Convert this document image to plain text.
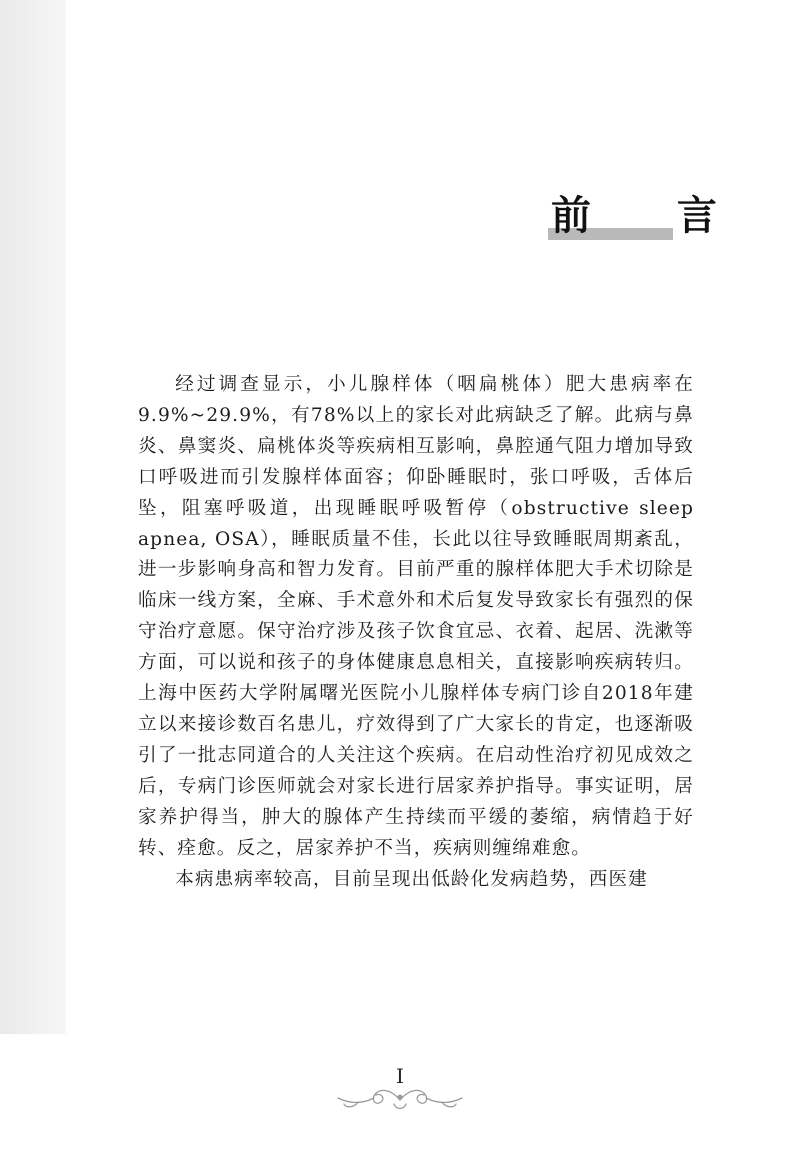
前 言

经过调查显示，小儿腺样体（咽扁桃体）肥大患病率在9.9%~29.9%，有78%以上的家长对此病缺乏了解。此病与鼻炎、鼻窦炎、扁桃体炎等疾病相互影响，鼻腔通气阻力增加导致口呼吸进而引发腺样体面容；仰卧睡眠时，张口呼吸，舌体后坠，阻塞呼吸道，出现睡眠呼吸暂停（obstructive sleep apnea, OSA），睡眠质量不佳，长此以往导致睡眠周期紊乱，进一步影响身高和智力发育。目前严重的腺样体肥大手术切除是临床一线方案，全麻、手术意外和术后复发导致家长有强烈的保守治疗意愿。保守治疗涉及孩子饮食宜忌、衣着、起居、洗漱等方面，可以说和孩子的身体健康息息相关，直接影响疾病转归。上海中医药大学附属曙光医院小儿腺样体专病门诊自2018年建立以来接诊数百名患儿，疗效得到了广大家长的肯定，也逐渐吸引了一批志同道合的人关注这个疾病。在启动性治疗初见成效之后，专病门诊医师就会对家长进行居家养护指导。事实证明，居家养护得当，肿大的腺体产生持续而平缓的萎缩，病情趋于好转、痊愈。反之，居家养护不当，疾病则缠绵难愈。

本病患病率较高，目前呈现出低龄化发病趋势，西医建

I
